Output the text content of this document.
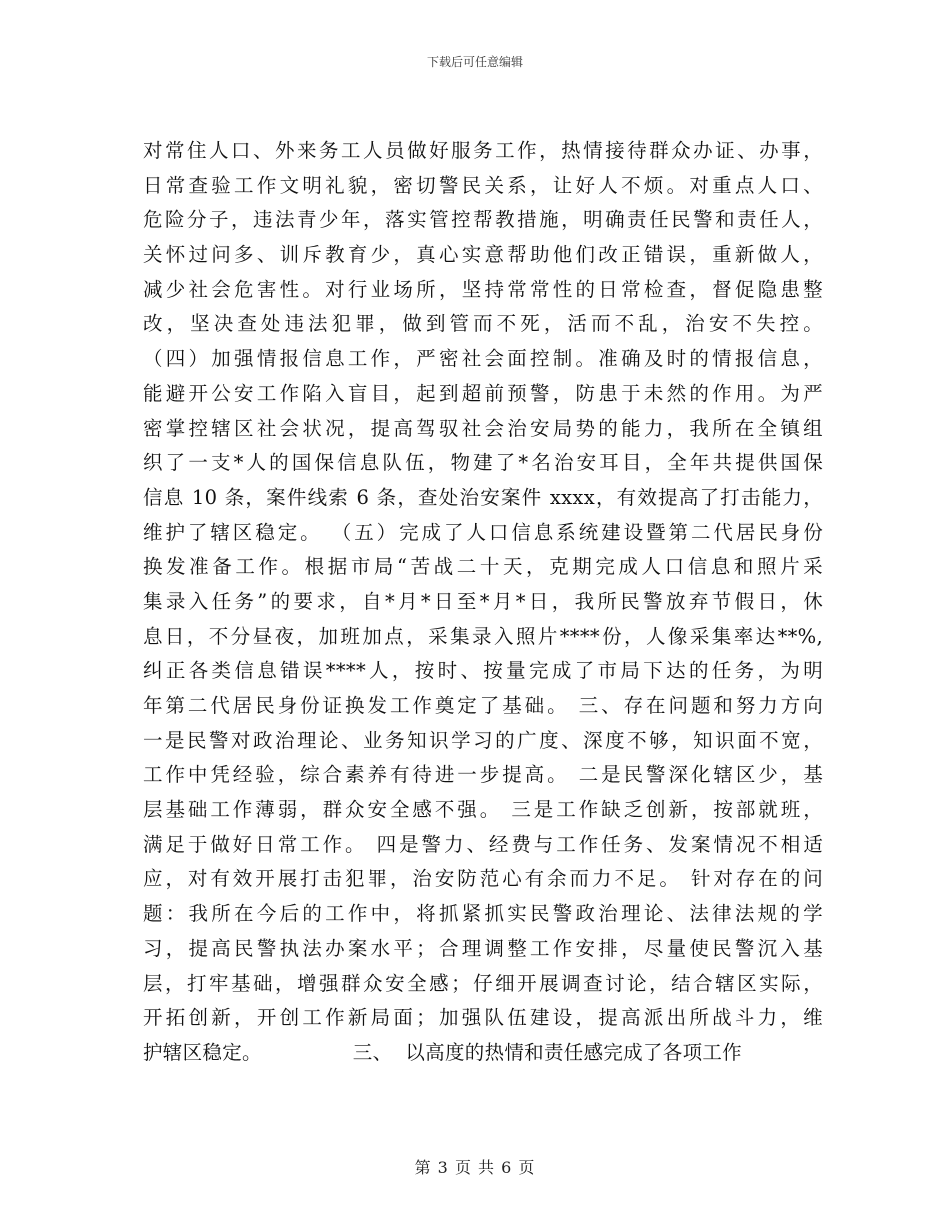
下载后可任意编辑
对常住人口、外来务工人员做好服务工作，热情接待群众办证、办事，
日常查验工作文明礼貌，密切警民关系，让好人不烦。对重点人口、
危险分子，违法青少年，落实管控帮教措施，明确责任民警和责任人，
关怀过问多、训斥教育少，真心实意帮助他们改正错误，重新做人，
减少社会危害性。对行业场所，坚持常常性的日常检查，督促隐患整
改，坚决查处违法犯罪，做到管而不死，活而不乱，治安不失控。
（四）加强情报信息工作，严密社会面控制。准确及时的情报信息，
能避开公安工作陷入盲目，起到超前预警，防患于未然的作用。为严
密掌控辖区社会状况，提高驾驭社会治安局势的能力，我所在全镇组
织了一支*人的国保信息队伍，物建了*名治安耳目，全年共提供国保
信息 10 条，案件线索 6 条，查处治安案件 xxxx，有效提高了打击能力，
维护了辖区稳定。 （五）完成了人口信息系统建设暨第二代居民身份
换发准备工作。根据市局“苦战二十天，克期完成人口信息和照片采
集录入任务”的要求，自*月*日至*月*日，我所民警放弃节假日，休
息日，不分昼夜，加班加点，采集录入照片****份，人像采集率达**%,
纠正各类信息错误****人，按时、按量完成了市局下达的任务，为明
年第二代居民身份证换发工作奠定了基础。 三、存在问题和努力方向
一是民警对政治理论、业务知识学习的广度、深度不够，知识面不宽，
工作中凭经验，综合素养有待进一步提高。 二是民警深化辖区少，基
层基础工作薄弱，群众安全感不强。 三是工作缺乏创新，按部就班，
满足于做好日常工作。 四是警力、经费与工作任务、发案情况不相适
应，对有效开展打击犯罪，治安防范心有余而力不足。 针对存在的问
题：我所在今后的工作中，将抓紧抓实民警政治理论、法律法规的学
习，提高民警执法办案水平；合理调整工作安排，尽量使民警沉入基
层，打牢基础，增强群众安全感；仔细开展调查讨论，结合辖区实际，
开拓创新，开创工作新局面；加强队伍建设，提高派出所战斗力，维
护辖区稳定。              三、  以高度的热情和责任感完成了各项工作
第 3 页 共 6 页
